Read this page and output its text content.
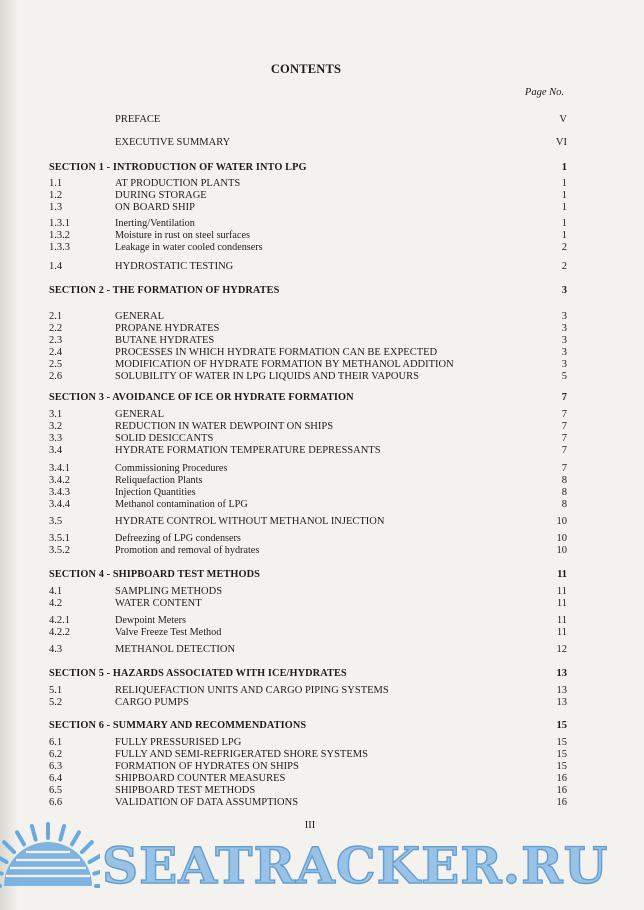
CONTENTS
Page No.
PREFACE	V
EXECUTIVE SUMMARY	VI
SECTION 1 - INTRODUCTION OF WATER INTO LPG	1
1.1	AT PRODUCTION PLANTS	1
1.2	DURING STORAGE	1
1.3	ON BOARD SHIP	1
1.3.1	Inerting/Ventilation	1
1.3.2	Moisture in rust on steel surfaces	1
1.3.3	Leakage in water cooled condensers	2
1.4	HYDROSTATIC TESTING	2
SECTION 2 - THE FORMATION OF HYDRATES	3
2.1	GENERAL	3
2.2	PROPANE HYDRATES	3
2.3	BUTANE HYDRATES	3
2.4	PROCESSES IN WHICH HYDRATE FORMATION CAN BE EXPECTED	3
2.5	MODIFICATION OF HYDRATE FORMATION BY METHANOL ADDITION	3
2.6	SOLUBILITY OF WATER IN LPG LIQUIDS AND THEIR VAPOURS	5
SECTION 3 - AVOIDANCE OF ICE OR HYDRATE FORMATION	7
3.1	GENERAL	7
3.2	REDUCTION IN WATER DEWPOINT ON SHIPS	7
3.3	SOLID DESICCANTS	7
3.4	HYDRATE FORMATION TEMPERATURE DEPRESSANTS	7
3.4.1	Commissioning Procedures	7
3.4.2	Reliquefaction Plants	8
3.4.3	Injection Quantities	8
3.4.4	Methanol contamination of LPG	8
3.5	HYDRATE CONTROL WITHOUT METHANOL INJECTION	10
3.5.1	Defreezing of LPG condensers	10
3.5.2	Promotion and removal of hydrates	10
SECTION 4 - SHIPBOARD TEST METHODS	11
4.1	SAMPLING METHODS	11
4.2	WATER CONTENT	11
4.2.1	Dewpoint Meters	11
4.2.2	Valve Freeze Test Method	11
4.3	METHANOL DETECTION	12
SECTION 5 - HAZARDS ASSOCIATED WITH ICE/HYDRATES	13
5.1	RELIQUEFACTION UNITS AND CARGO PIPING SYSTEMS	13
5.2	CARGO PUMPS	13
SECTION 6 - SUMMARY AND RECOMMENDATIONS	15
6.1	FULLY PRESSURISED LPG	15
6.2	FULLY AND SEMI-REFRIGERATED SHORE SYSTEMS	15
6.3	FORMATION OF HYDRATES ON SHIPS	15
6.4	SHIPBOARD COUNTER MEASURES	16
6.5	SHIPBOARD TEST METHODS	16
6.6	VALIDATION OF DATA ASSUMPTIONS	16
III
SEATRACKER.RU
